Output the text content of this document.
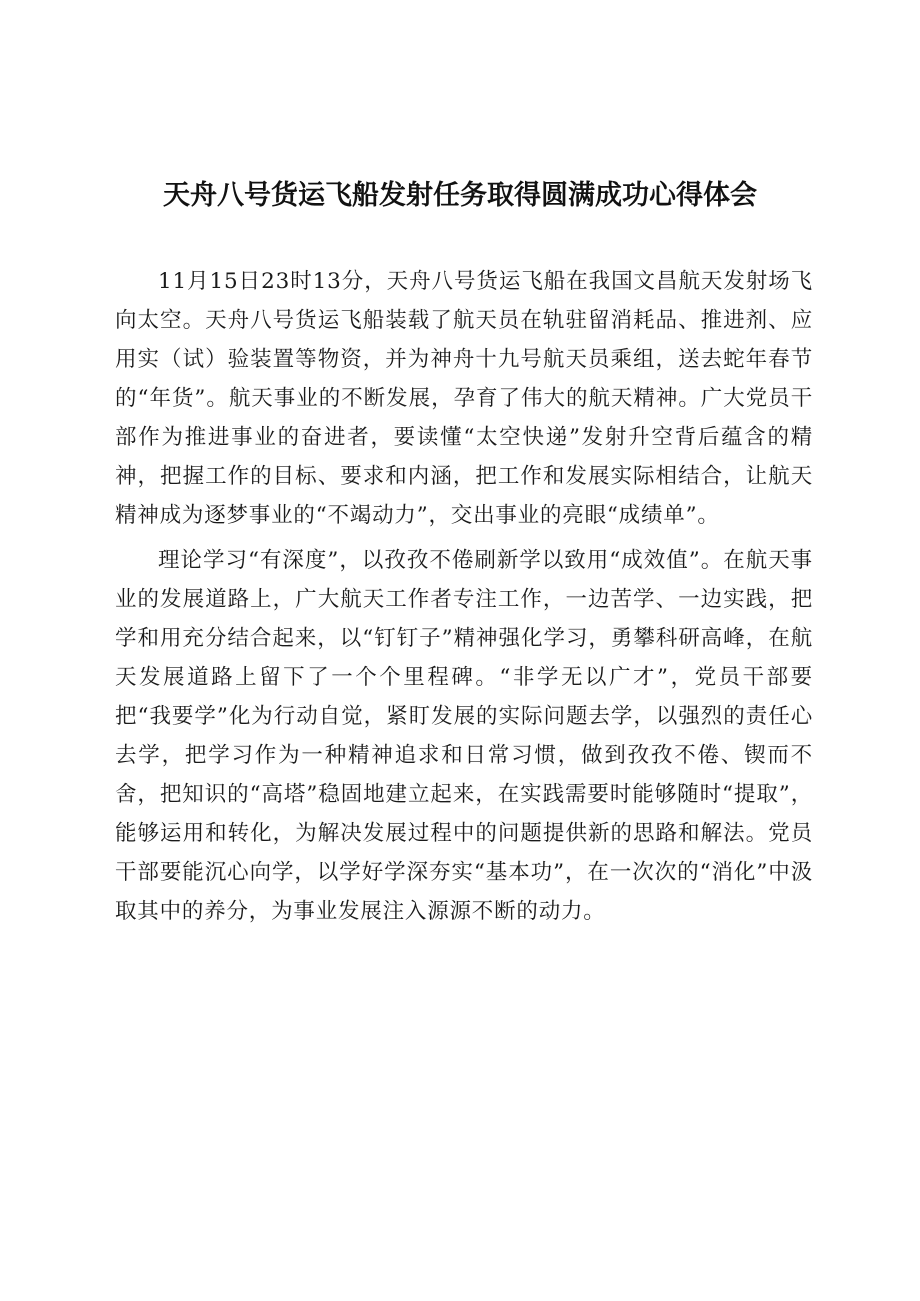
天舟八号货运飞船发射任务取得圆满成功心得体会

11月15日23时13分，天舟八号货运飞船在我国文昌航天发射场飞向太空。天舟八号货运飞船装载了航天员在轨驻留消耗品、推进剂、应用实（试）验装置等物资，并为神舟十九号航天员乘组，送去蛇年春节的“年货”。航天事业的不断发展，孕育了伟大的航天精神。广大党员干部作为推进事业的奋进者，要读懂“太空快递”发射升空背后蕴含的精神，把握工作的目标、要求和内涵，把工作和发展实际相结合，让航天精神成为逐梦事业的“不竭动力”，交出事业的亮眼“成绩单”。

理论学习“有深度”，以孜孜不倦刷新学以致用“成效值”。在航天事业的发展道路上，广大航天工作者专注工作，一边苦学、一边实践，把学和用充分结合起来，以“钉钉子”精神强化学习，勇攀科研高峰，在航天发展道路上留下了一个个里程碑。“非学无以广才”，党员干部要把“我要学”化为行动自觉，紧盯发展的实际问题去学，以强烈的责任心去学，把学习作为一种精神追求和日常习惯，做到孜孜不倦、锲而不舍，把知识的“高塔”稳固地建立起来，在实践需要时能够随时“提取”，能够运用和转化，为解决发展过程中的问题提供新的思路和解法。党员干部要能沉心向学，以学好学深夯实“基本功”，在一次次的“消化”中汲取其中的养分，为事业发展注入源源不断的动力。
